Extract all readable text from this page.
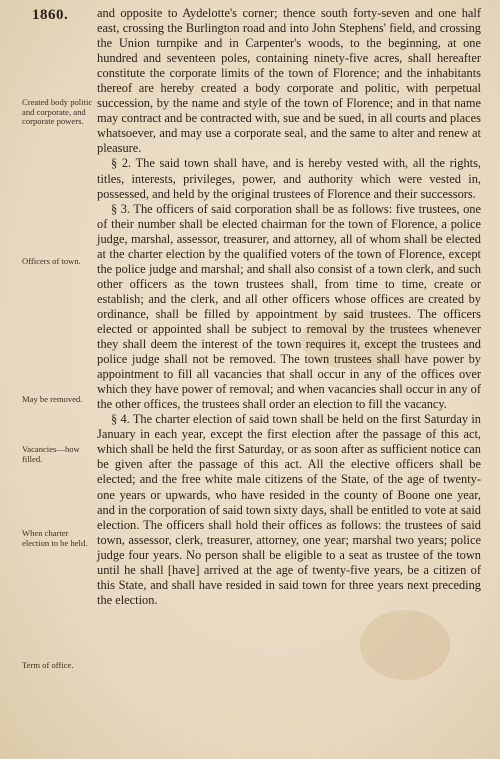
1860.
Created body politic and corporate, and corporate powers.
Officers of town.
May be removed.
Vacancies—how filled.
When charter election to be held.
Term of office.

and opposite to Aydelotte's corner; thence south forty-seven and one half east, crossing the Burlington road and into John Stephens' field, and crossing the Union turnpike and in Carpenter's woods, to the beginning, at one hundred and seventeen poles, containing ninety-five acres, shall hereafter constitute the corporate limits of the town of Florence; and the inhabitants thereof are hereby created a body corporate and politic, with perpetual succession, by the name and style of the town of Florence; and in that name may contract and be contracted with, sue and be sued, in all courts and places whatsoever, and may use a corporate seal, and the same to alter and renew at pleasure.

§ 2. The said town shall have, and is hereby vested with, all the rights, titles, interests, privileges, power, and authority which were vested in, possessed, and held by the original trustees of Florence and their successors.

§ 3. The officers of said corporation shall be as follows: five trustees, one of their number shall be elected chairman for the town of Florence, a police judge, marshal, assessor, treasurer, and attorney, all of whom shall be elected at the charter election by the qualified voters of the town of Florence, except the police judge and marshal; and shall also consist of a town clerk, and such other officers as the town trustees shall, from time to time, create or establish; and the clerk, and all other officers whose offices are created by ordinance, shall be filled by appointment by said trustees. The officers elected or appointed shall be subject to removal by the trustees whenever they shall deem the interest of the town requires it, except the trustees and police judge shall not be removed. The town trustees shall have power by appointment to fill all vacancies that shall occur in any of the offices over which they have power of removal; and when vacancies shall occur in any of the other offices, the trustees shall order an election to fill the vacancy.

§ 4. The charter election of said town shall be held on the first Saturday in January in each year, except the first election after the passage of this act, which shall be held the first Saturday, or as soon after as sufficient notice can be given after the passage of this act. All the elective officers shall be elected; and the free white male citizens of the State, of the age of twenty-one years or upwards, who have resided in the county of Boone one year, and in the corporation of said town sixty days, shall be entitled to vote at said election. The officers shall hold their offices as follows: the trustees of said town, assessor, clerk, treasurer, attorney, one year; marshal two years; police judge four years. No person shall be eligible to a seat as trustee of the town until he shall [have] arrived at the age of twenty-five years, be a citizen of this State, and shall have resided in said town for three years next preceding the election.
